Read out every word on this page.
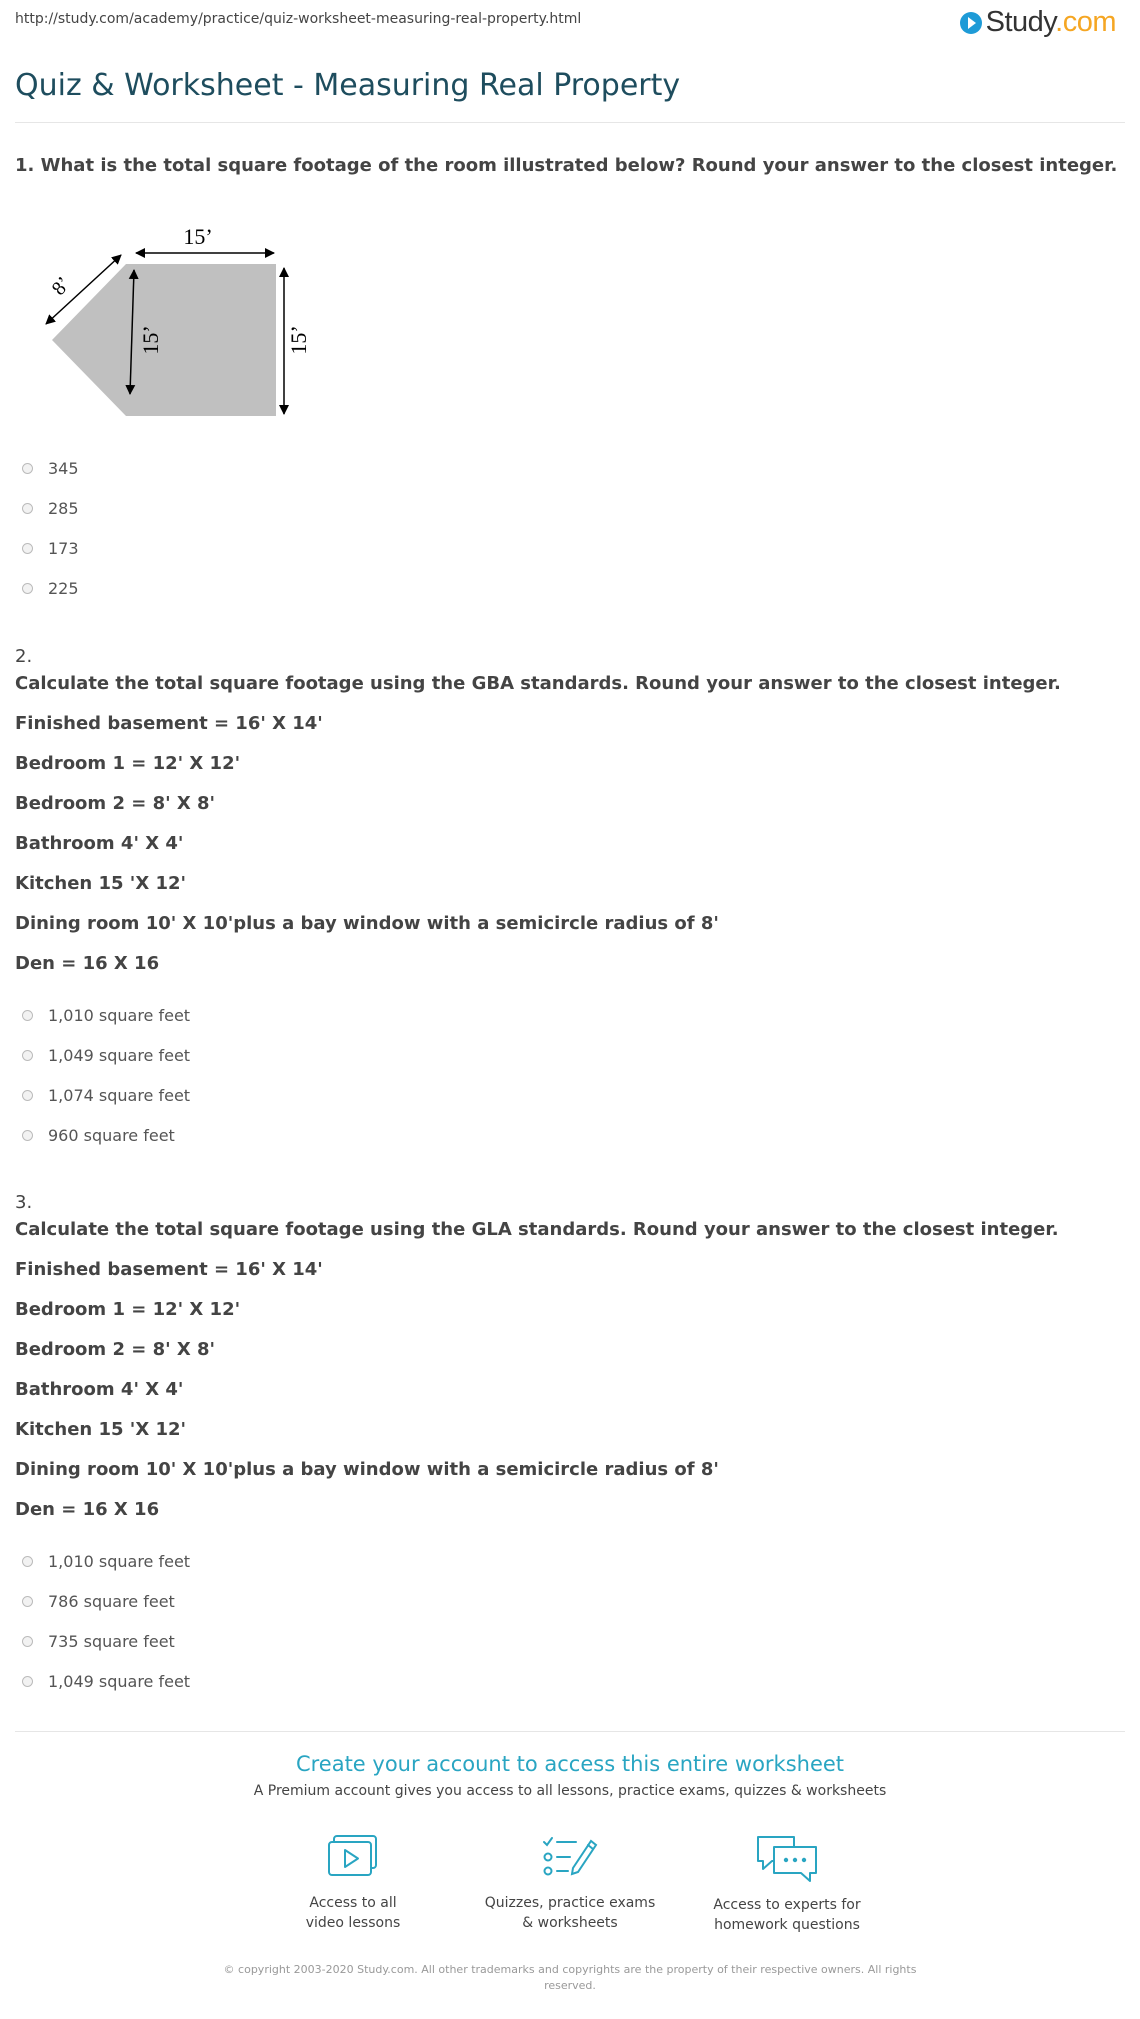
http://study.com/academy/practice/quiz-worksheet-measuring-real-property.html	Study.com
Quiz & Worksheet - Measuring Real Property
1. What is the total square footage of the room illustrated below? Round your answer to the closest integer.
15’
8’
15’	15’
345
285
173
225
2.
Calculate the total square footage using the GBA standards. Round your answer to the closest integer.
Finished basement = 16' X 14'
Bedroom 1 = 12' X 12'
Bedroom 2 = 8' X 8'
Bathroom 4' X 4'
Kitchen 15 'X 12'
Dining room 10' X 10'plus a bay window with a semicircle radius of 8'
Den = 16 X 16
1,010 square feet
1,049 square feet
1,074 square feet
960 square feet
3.
Calculate the total square footage using the GLA standards. Round your answer to the closest integer.
Finished basement = 16' X 14'
Bedroom 1 = 12' X 12'
Bedroom 2 = 8' X 8'
Bathroom 4' X 4'
Kitchen 15 'X 12'
Dining room 10' X 10'plus a bay window with a semicircle radius of 8'
Den = 16 X 16
1,010 square feet
786 square feet
735 square feet
1,049 square feet
Create your account to access this entire worksheet
A Premium account gives you access to all lessons, practice exams, quizzes & worksheets
Access to all
video lessons
Quizzes, practice exams
& worksheets
Access to experts for
homework questions
© copyright 2003-2020 Study.com. All other trademarks and copyrights are the property of their respective owners. All rights
reserved.
